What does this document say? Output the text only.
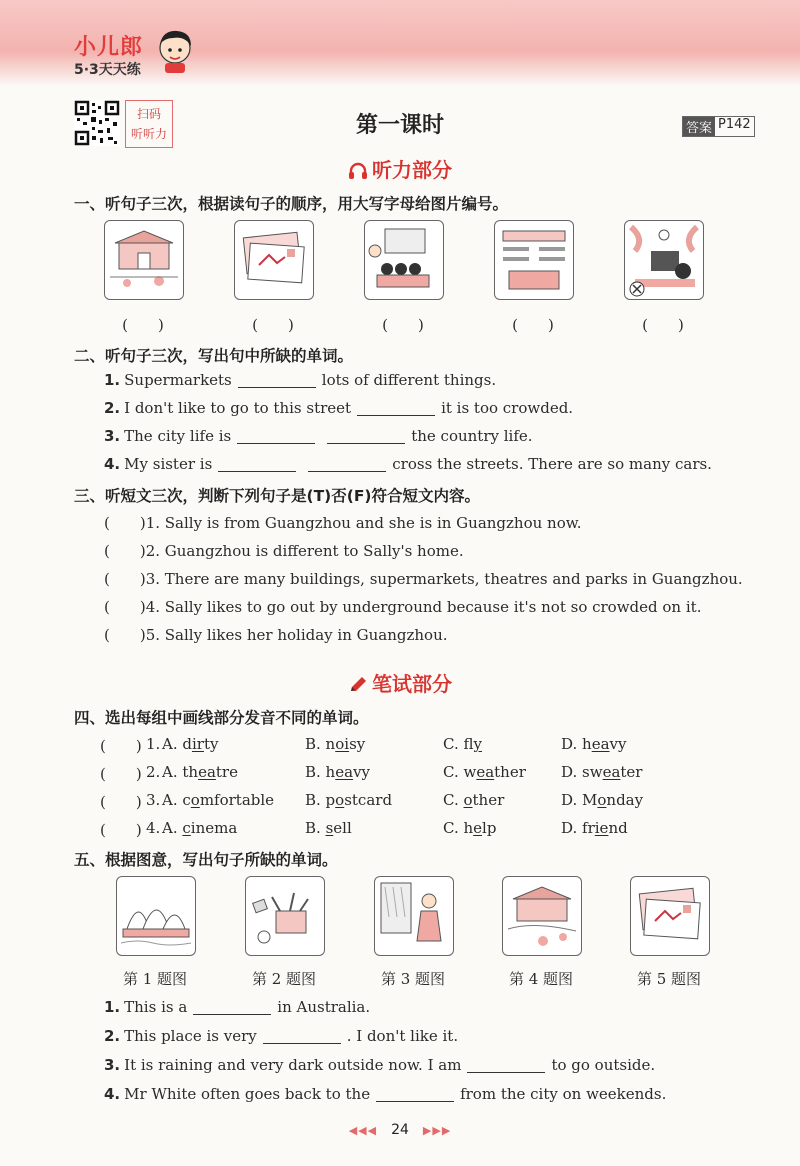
小儿郎
5·3天天练
扫码
听听力	第一课时	答案 P142
听力部分
一、听句子三次，根据读句子的顺序，用大写字母给图片编号。
(　　)	(　　)	(　　)	(　　)	(　　)
二、听句子三次，写出句中所缺的单词。
1. Supermarkets	lots of different things.
2. I don't like to go to this street	it is too crowded.
3. The city life is	the country life.
4. My sister is	cross the streets. There are so many cars.
三、听短文三次，判断下列句子是(T)否(F)符合短文内容。
(　　)1. Sally is from Guangzhou and she is in Guangzhou now.
(　　)2. Guangzhou is different to Sally's home.
(　　)3. There are many buildings, supermarkets, theatres and parks in Guangzhou.
(　　)4. Sally likes to go out by underground because it's not so crowded on it.
(　　)5. Sally likes her holiday in Guangzhou.
笔试部分
四、选出每组中画线部分发音不同的单词。
(　　) 1. A. dirty	B. noisy	C. fly	D. heavy
(　　) 2. A. theatre	B. heavy	C. weather D. sweater
(　　) 3. A. comfortable B. postcard	C. other	D. Monday
(　　) 4. A. cinema	B. sell	C. help	D. friend
五、根据图意，写出句子所缺的单词。
第 1 题图	第 2 题图	第 3 题图	第 4 题图	第 5 题图
1. This is a	in Australia.
2. This place is very	. I don't like it.
3. It is raining and very dark outside now. I am	to go outside.
4. Mr White often goes back to the	from the city on weekends.
◀◀◀ 24 ▶▶▶
